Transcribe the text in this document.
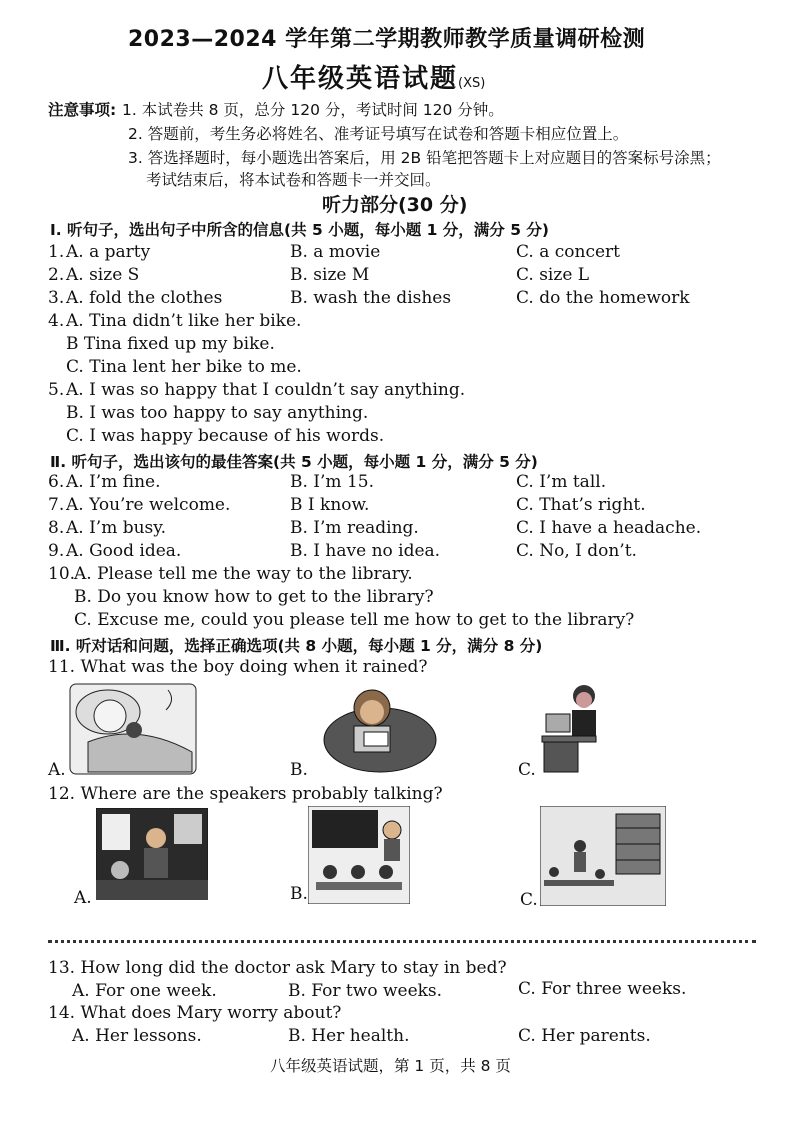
2023—2024 学年第二学期教师教学质量调研检测
八年级英语试题(XS)
注意事项: 1. 本试卷共 8 页，总分 120 分，考试时间 120 分钟。
2. 答题前，考生务必将姓名、准考证号填写在试卷和答题卡相应位置上。
3. 答选择题时，每小题选出答案后，用 2B 铅笔把答题卡上对应题目的答案标号涂黑；
考试结束后，将本试卷和答题卡一并交回。
听力部分(30 分)
Ⅰ. 听句子，选出句子中所含的信息(共 5 小题，每小题 1 分，满分 5 分)
1. A. a party	B. a movie	C. a concert
2. A. size S	B. size M	C. size L
3. A. fold the clothes	B. wash the dishes	C. do the homework
4. A. Tina didn’t like her bike.
B Tina fixed up my bike.
C. Tina lent her bike to me.
5. A. I was so happy that I couldn’t say anything.
B. I was too happy to say anything.
C. I was happy because of his words.
Ⅱ. 听句子，选出该句的最佳答案(共 5 小题，每小题 1 分，满分 5 分)
6. A. I’m fine.	B. I’m 15.	C. I’m tall.
7. A. You’re welcome.	B I know.	C. That’s right.
8. A. I’m busy.	B. I’m reading.	C. I have a headache.
9. A. Good idea.	B. I have no idea.	C. No, I don’t.
10.
A. Please tell me the way to the library.
B. Do you know how to get to the library?
C. Excuse me, could you please tell me how to get to the library?
Ⅲ. 听对话和问题，选择正确选项(共 8 小题，每小题 1 分，满分 8 分)
11. What was the boy doing when it rained?
A.	B.	C.
12. Where are the speakers probably talking?
A.	B.	C.
13. How long did the doctor ask Mary to stay in bed?
A. For one week.	B. For two weeks.	C. For three weeks.
14. What does Mary worry about?
A. Her lessons.	B. Her health.	C. Her parents.
八年级英语试题，第 1 页，共 8 页
